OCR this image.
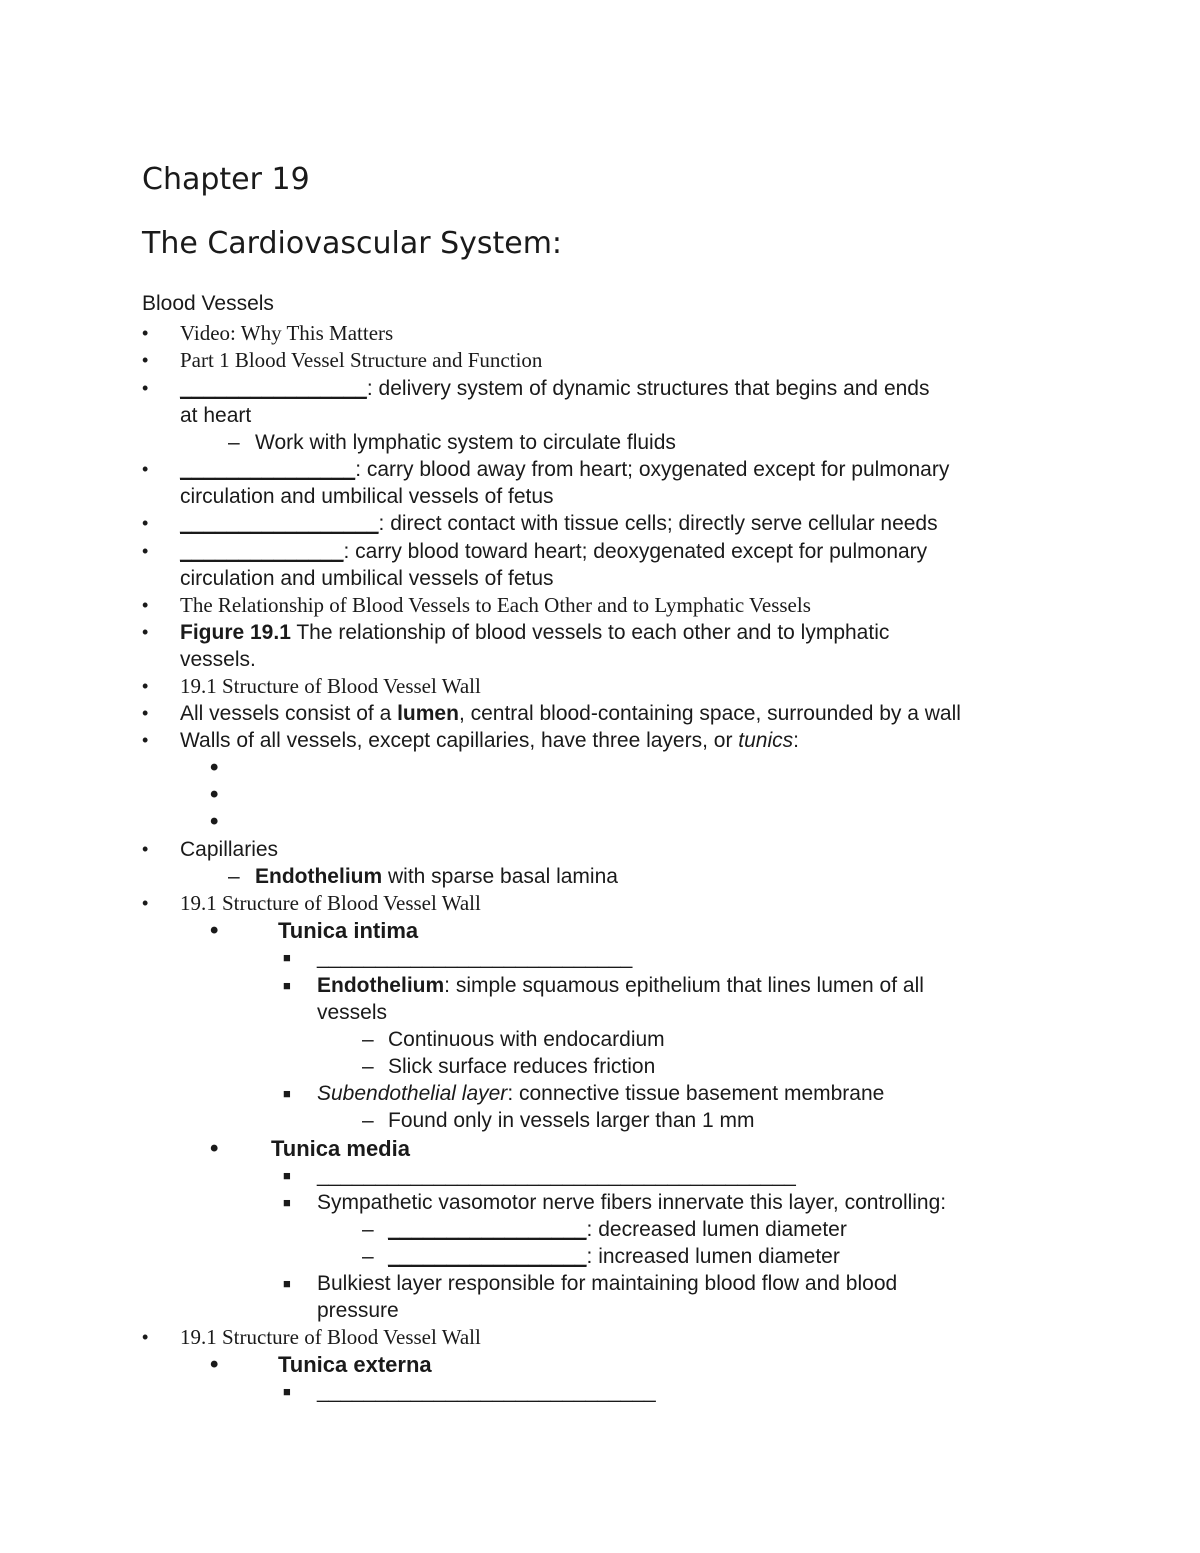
Chapter 19
The Cardiovascular System:
Blood Vessels
• Video: Why This Matters
• Part 1 Blood Vessel Structure and Function
• ________________: delivery system of dynamic structures that begins and ends
at heart
– Work with lymphatic system to circulate fluids
• _______________: carry blood away from heart; oxygenated except for pulmonary
circulation and umbilical vessels of fetus
• _________________: direct contact with tissue cells; directly serve cellular needs
• ______________: carry blood toward heart; deoxygenated except for pulmonary
circulation and umbilical vessels of fetus
• The Relationship of Blood Vessels to Each Other and to Lymphatic Vessels
• Figure 19.1 The relationship of blood vessels to each other and to lymphatic
vessels.
• 19.1 Structure of Blood Vessel Wall
• All vessels consist of a lumen, central blood-containing space, surrounded by a wall
• Walls of all vessels, except capillaries, have three layers, or tunics:
•
•
•
• Capillaries
– Endothelium with sparse basal lamina
• 19.1 Structure of Blood Vessel Wall
•	Tunica intima
■ ___________________________
■ Endothelium: simple squamous epithelium that lines lumen of all
vessels
– Continuous with endocardium
– Slick surface reduces friction
■ Subendothelial layer: connective tissue basement membrane
– Found only in vessels larger than 1 mm
• Tunica media
■ _________________________________________
■ Sympathetic vasomotor nerve fibers innervate this layer, controlling:
– _________________: decreased lumen diameter
– _________________: increased lumen diameter
■ Bulkiest layer responsible for maintaining blood flow and blood
pressure
• 19.1 Structure of Blood Vessel Wall
•	Tunica externa
■ _____________________________
